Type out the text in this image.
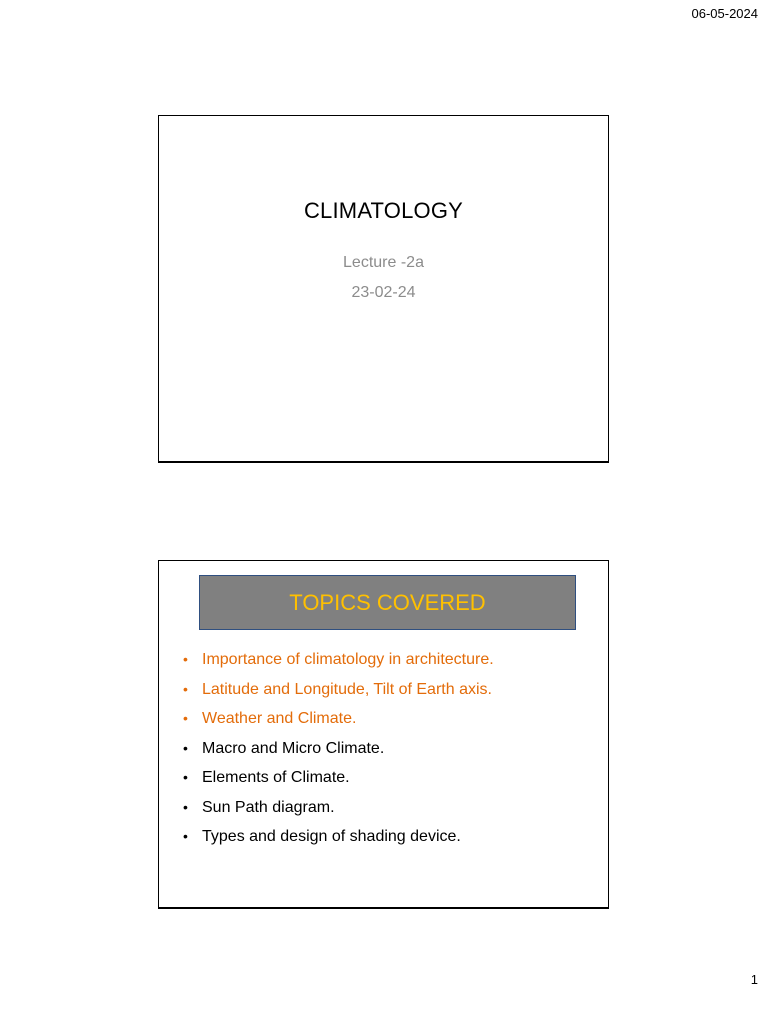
06-05-2024
CLIMATOLOGY
Lecture -2a
23-02-24
TOPICS COVERED
• Importance of climatology in architecture.
• Latitude and Longitude, Tilt of Earth axis.
• Weather and Climate.
• Macro and Micro Climate.
• Elements of Climate.
• Sun Path diagram.
• Types and design of shading device.
1
